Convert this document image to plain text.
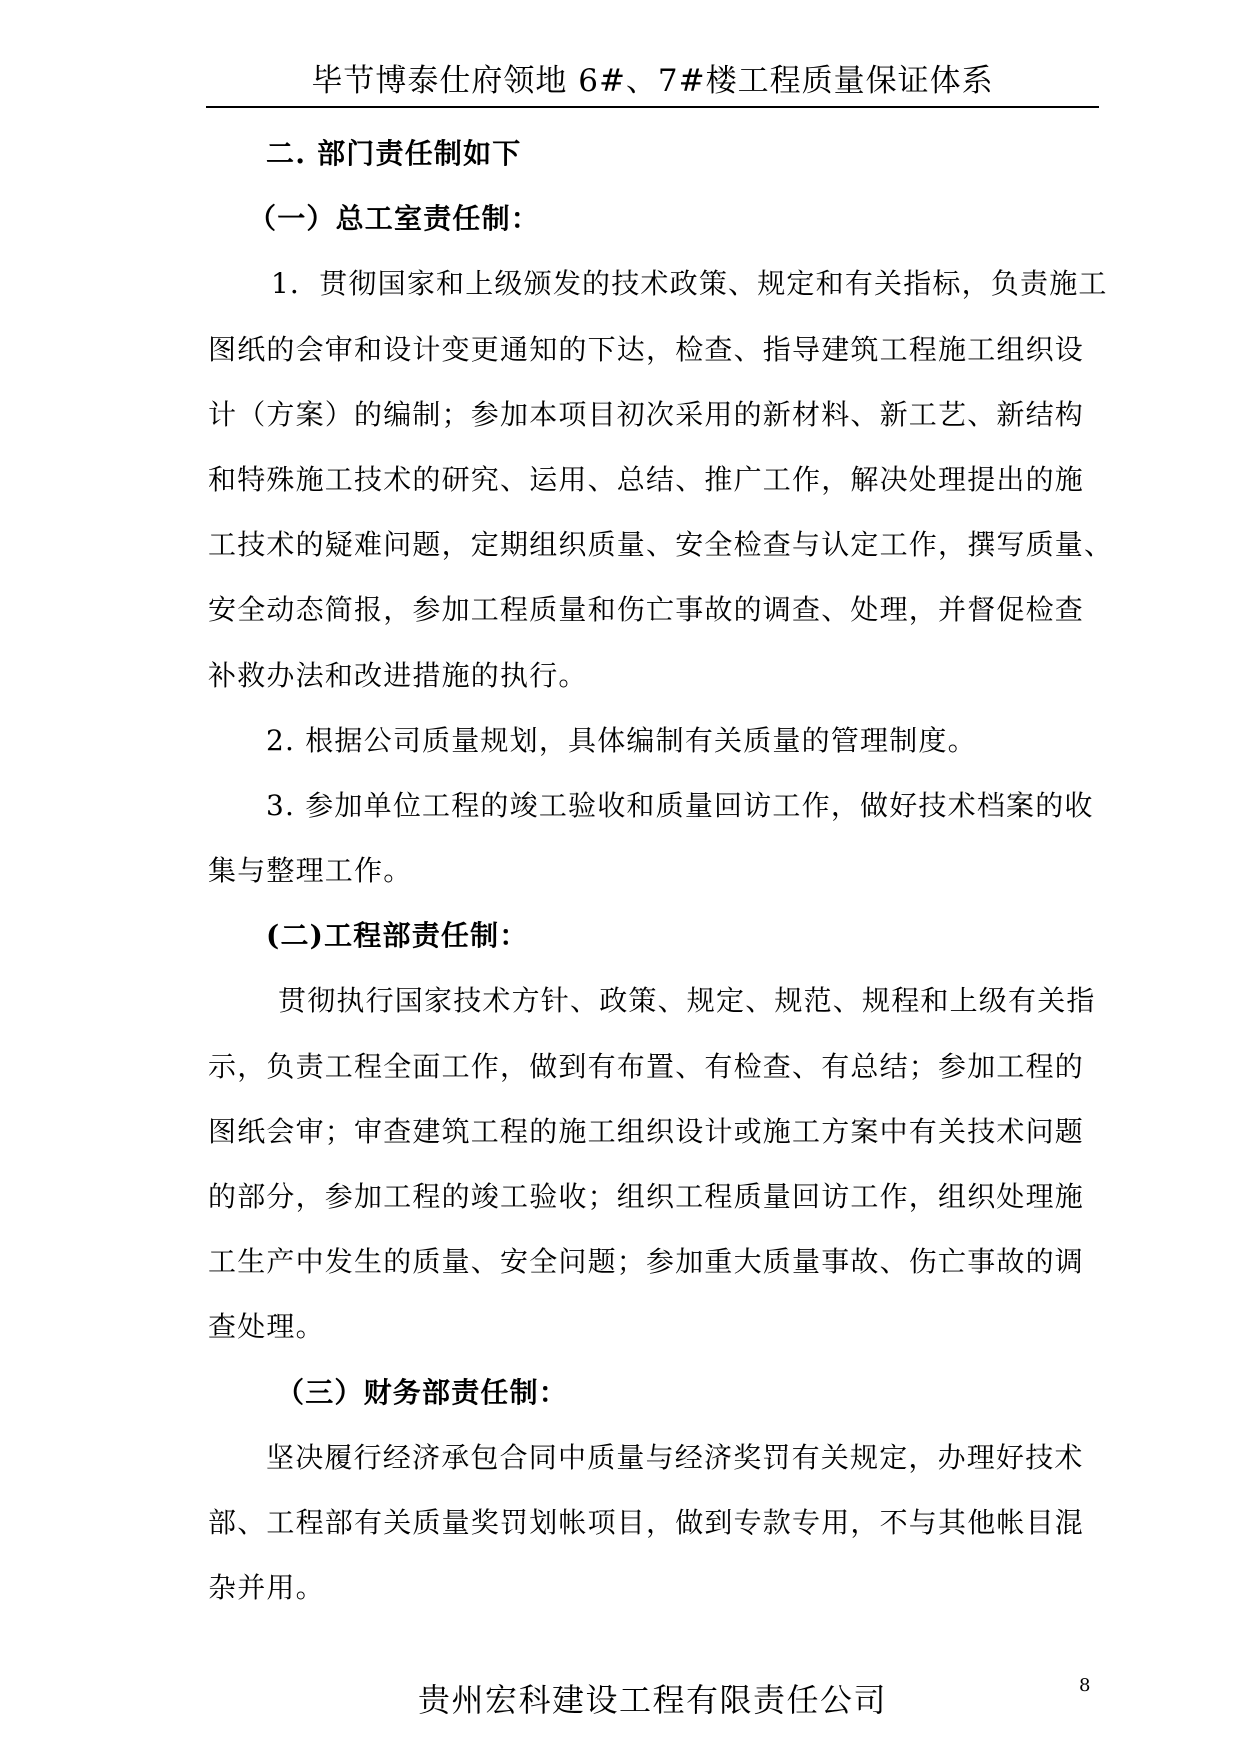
毕节博泰仕府领地 6#、7#楼工程质量保证体系
二. 部门责任制如下
（一）总工室责任制：
1．贯彻国家和上级颁发的技术政策、规定和有关指标，负责施工
图纸的会审和设计变更通知的下达，检查、指导建筑工程施工组织设
计（方案）的编制；参加本项目初次采用的新材料、新工艺、新结构
和特殊施工技术的研究、运用、总结、推广工作，解决处理提出的施
工技术的疑难问题，定期组织质量、安全检查与认定工作，撰写质量、
安全动态简报，参加工程质量和伤亡事故的调查、处理，并督促检查
补救办法和改进措施的执行。
2. 根据公司质量规划，具体编制有关质量的管理制度。
3. 参加单位工程的竣工验收和质量回访工作，做好技术档案的收
集与整理工作。
(二)工程部责任制：
贯彻执行国家技术方针、政策、规定、规范、规程和上级有关指
示，负责工程全面工作，做到有布置、有检查、有总结；参加工程的
图纸会审；审查建筑工程的施工组织设计或施工方案中有关技术问题
的部分，参加工程的竣工验收；组织工程质量回访工作，组织处理施
工生产中发生的质量、安全问题；参加重大质量事故、伤亡事故的调
查处理。
（三）财务部责任制：
坚决履行经济承包合同中质量与经济奖罚有关规定，办理好技术
部、工程部有关质量奖罚划帐项目，做到专款专用，不与其他帐目混
杂并用。
贵州宏科建设工程有限责任公司	8
